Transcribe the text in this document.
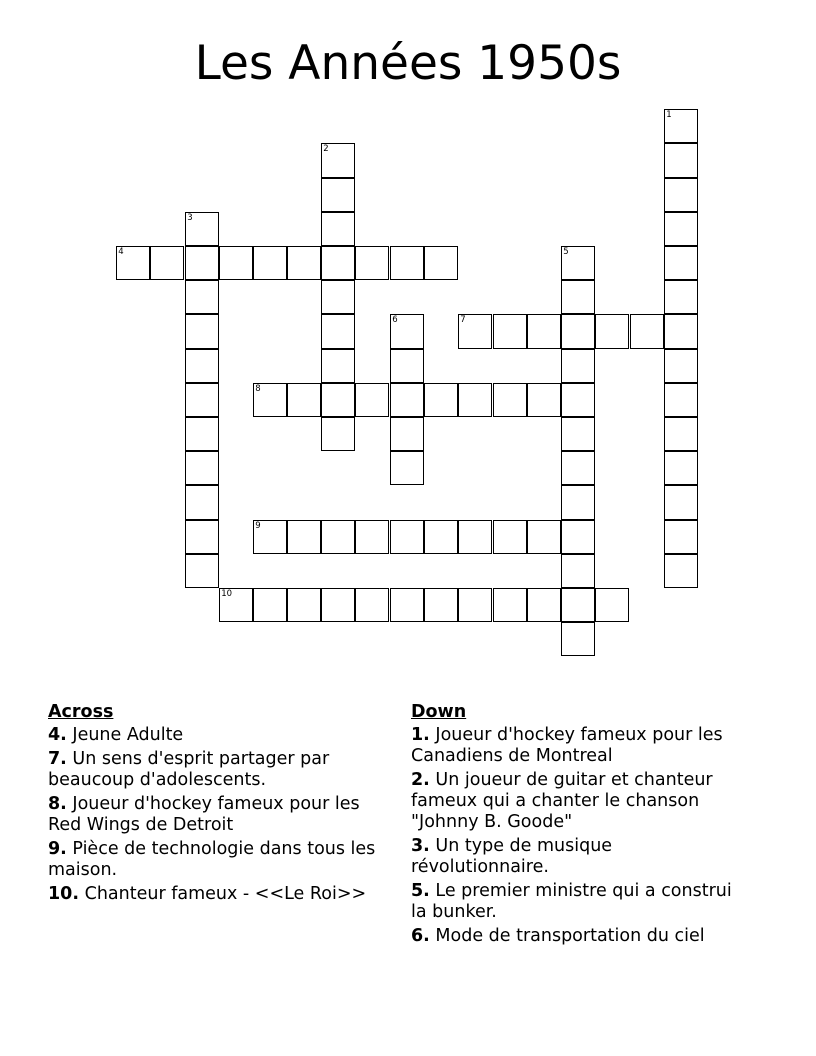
Les Années 1950s
1
2
3
4	5
6	7
8
9
10
Across
4. Jeune Adulte
7. Un sens d'esprit partager par beaucoup d'adolescents.
8. Joueur d'hockey fameux pour les Red Wings de Detroit
9. Pièce de technologie dans tous les maison.
10. Chanteur fameux - <<Le Roi>>
Down
1. Joueur d'hockey fameux pour les Canadiens de Montreal
2. Un joueur de guitar et chanteur fameux qui a chanter le chanson "Johnny B. Goode"
3. Un type de musique révolutionnaire.
5. Le premier ministre qui a construi la bunker.
6. Mode de transportation du ciel
